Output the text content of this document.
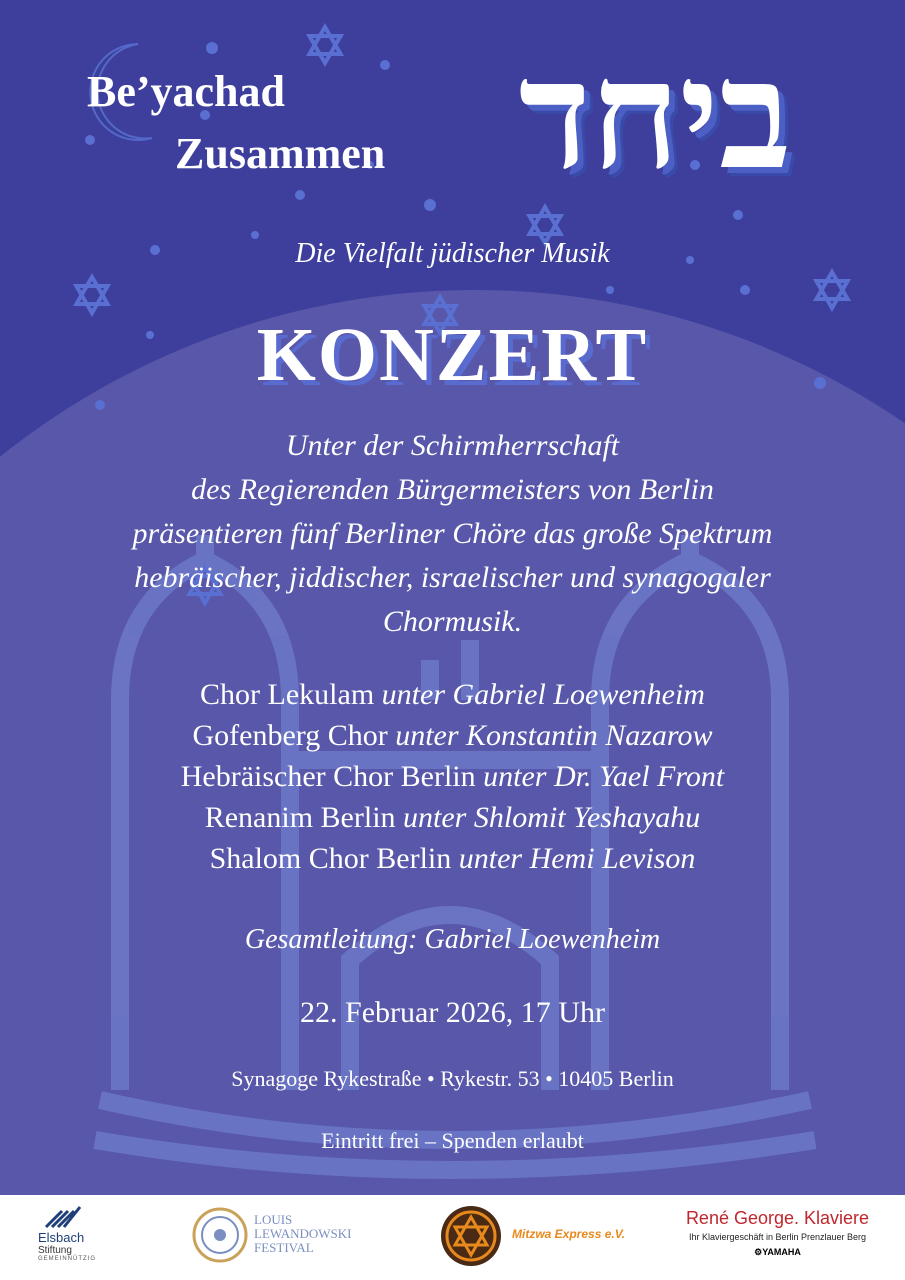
Be’yachad
Zusammen ביחד
Die Vielfalt jüdischer Musik
KONZERT
Unter der Schirmherrschaft
des Regierenden Bürgermeisters von Berlin
präsentieren fünf Berliner Chöre das große Spektrum
hebräischer, jiddischer, israelischer und synagogaler
Chormusik.
Chor Lekulam unter Gabriel Loewenheim
Gofenberg Chor unter Konstantin Nazarow
Hebräischer Chor Berlin unter Dr. Yael Front
Renanim Berlin unter Shlomit Yeshayahu
Shalom Chor Berlin unter Hemi Levison
Gesamtleitung: Gabriel Loewenheim
22. Februar 2026, 17 Uhr
Synagoge Rykestraße • Rykestr. 53 • 10405 Berlin
Eintritt frei – Spenden erlaubt
Elsbach
Stiftung
GEMEINNÜTZIG
LOUIS
LEWANDOWSKI
FESTIVAL
Mitzwa Express e.V.
René George. Klaviere
Ihr Klaviergeschäft in Berlin Prenzlauer Berg
⚙YAMAHA
